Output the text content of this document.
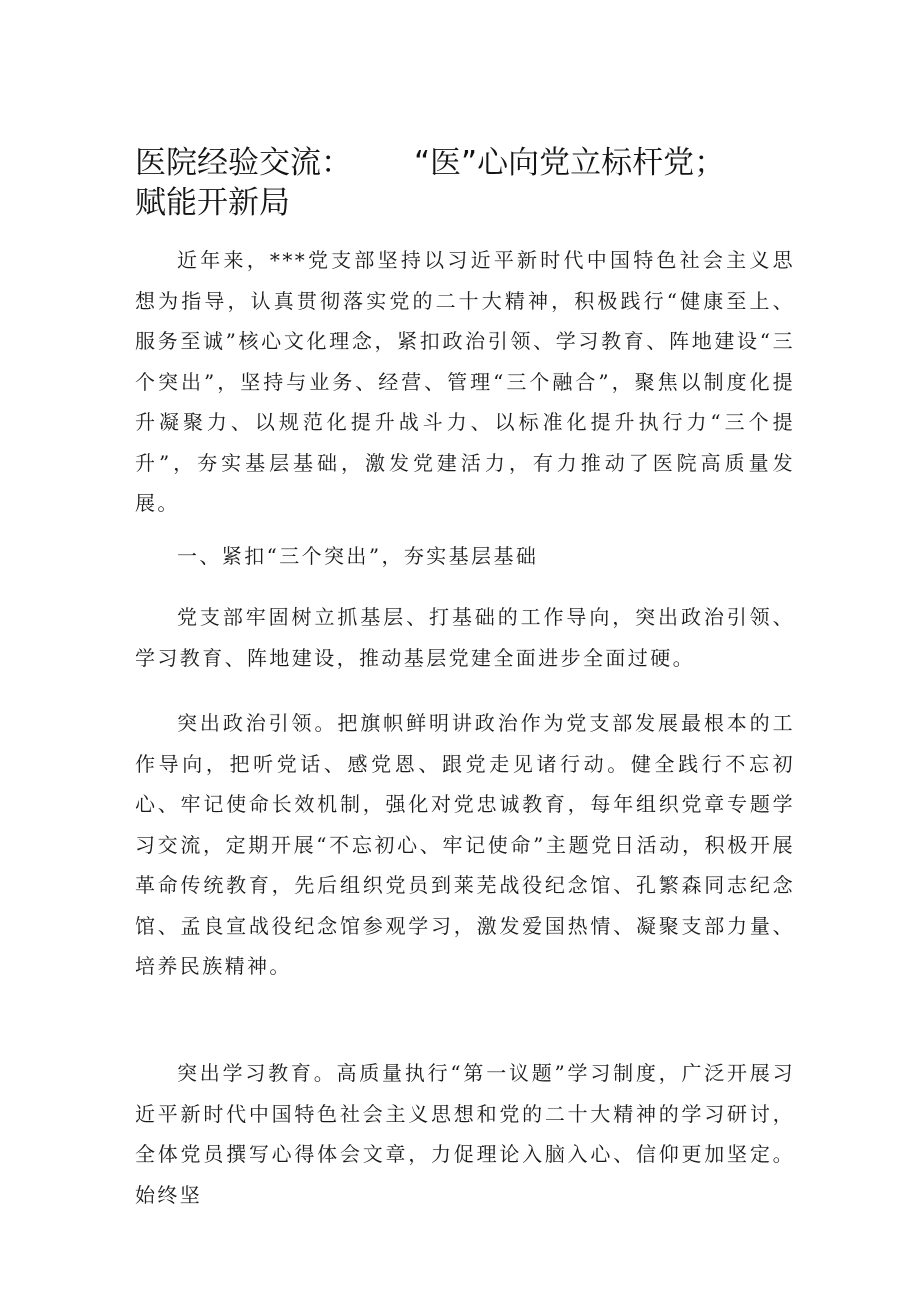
医院经验交流： “医”心向党立标杆党；
赋能开新局

近年来，***党支部坚持以习近平新时代中国特色社会主义思想为指导，认真贯彻落实党的二十大精神，积极践行“健康至上、服务至诚”核心文化理念，紧扣政治引领、学习教育、阵地建设“三个突出”，坚持与业务、经营、管理“三个融合”，聚焦以制度化提升凝聚力、以规范化提升战斗力、以标准化提升执行力“三个提升”，夯实基层基础，激发党建活力，有力推动了医院高质量发展。

一、紧扣“三个突出”，夯实基层基础

党支部牢固树立抓基层、打基础的工作导向，突出政治引领、学习教育、阵地建设，推动基层党建全面进步全面过硬。

突出政治引领。把旗帜鲜明讲政治作为党支部发展最根本的工作导向，把听党话、感党恩、跟党走见诸行动。健全践行不忘初心、牢记使命长效机制，强化对党忠诚教育，每年组织党章专题学习交流，定期开展“不忘初心、牢记使命”主题党日活动，积极开展革命传统教育，先后组织党员到莱芜战役纪念馆、孔繁森同志纪念馆、孟良宣战役纪念馆参观学习，激发爱国热情、凝聚支部力量、培养民族精神。

突出学习教育。高质量执行“第一议题”学习制度，广泛开展习近平新时代中国特色社会主义思想和党的二十大精神的学习研讨，全体党员撰写心得体会文章，力促理论入脑入心、信仰更加坚定。始终坚
